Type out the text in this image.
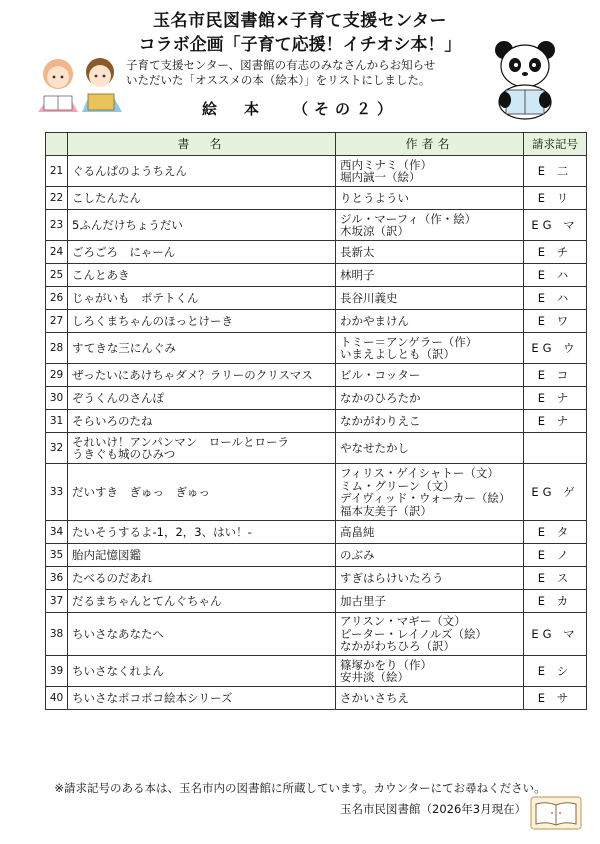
玉名市民図書館×子育て支援センター
コラボ企画「子育て応援！イチオシ本！」
子育て支援センター、図書館の有志のみなさんからお知らせ
いただいた「オススメの本（絵本）」をリストにしました。
絵　本 （その２）
	書　名	作者名	請求記号
21	ぐるんぱのようちえん	西内ミナミ（作）
堀内誠一（絵）	E 二
22	こしたんたん	りとうようい	E リ
23	5ふんだけちょうだい	ジル・マーフィ（作・絵）
木坂涼（訳）	EG マ
24	ごろごろ　にゃーん	長新太	E チ
25	こんとあき	林明子	E ハ
26	じゃがいも　ポテトくん	長谷川義史	E ハ
27	しろくまちゃんのほっとけーき	わかやまけん	E ワ
28	すてきな三にんぐみ	トミー＝アンゲラー（作）
いまえよしとも（訳）	EG ウ
29	ぜったいにあけちゃダメ？ラリーのクリスマス	ビル・コッター	E コ
30	ぞうくんのさんぽ	なかのひろたか	E ナ
31	そらいろのたね	なかがわりえこ	E ナ
32	それいけ！アンパンマン　ロールとローラ
うきぐも城のひみつ	やなせたかし	

33	だいすき　ぎゅっ　ぎゅっ	フィリス・ゲイシャトー（文）
ミム・グリーン（文）
デイヴィッド・ウォーカー（絵）
福本友美子（訳）	EG ゲ
34	たいそうするよ-1，2，3、はい！-	高畠純	E タ
35	胎内記憶図鑑	のぶみ	E ノ
36	たべるのだあれ	すぎはらけいたろう	E ス
37	だるまちゃんとてんぐちゃん	加古里子	E カ
38	ちいさなあなたへ	アリスン・マギー（文）
ピーター・レイノルズ（絵）
なかがわちひろ（訳）	EG マ
39	ちいさなくれよん	篠塚かをり（作）
安井淡（絵）	E シ
40	ちいさなポコポコ絵本シリーズ	さかいさちえ	E サ
※請求記号のある本は、玉名市内の図書館に所蔵しています。カウンターにてお尋ねください。
玉名市民図書館（2026年3月現在）
